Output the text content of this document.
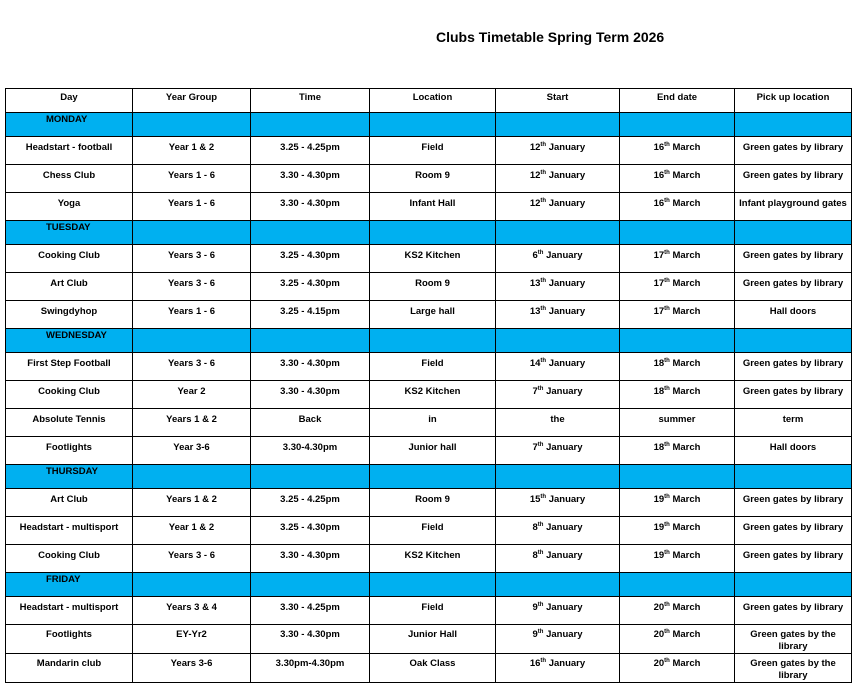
Clubs Timetable Spring Term 2026
Day	Year Group	Time	Location	Start	End date	Pick up location
MONDAY						
Headstart - football	Year 1 & 2	3.25 - 4.25pm	Field	12th January	16th March	Green gates by library
Chess Club	Years 1 - 6	3.30 - 4.30pm	Room 9	12th January	16th March	Green gates by library
Yoga	Years 1 - 6	3.30 - 4.30pm	Infant Hall	12th January	16th March	Infant playground gates
TUESDAY						
Cooking Club	Years 3 - 6	3.25 - 4.30pm	KS2 Kitchen	6th January	17th March	Green gates by library
Art Club	Years 3 - 6	3.25 - 4.30pm	Room 9	13th January	17th March	Green gates by library
Swingdyhop	Years 1 - 6	3.25 - 4.15pm	Large hall	13th January	17th March	Hall doors
WEDNESDAY						
First Step Football	Years 3 - 6	3.30 - 4.30pm	Field	14th January	18th March	Green gates by library
Cooking Club	Year 2	3.30 - 4.30pm	KS2 Kitchen	7th January	18th March	Green gates by library
Absolute Tennis	Years 1 & 2	Back	in	the	summer	term
Footlights	Year 3-6	3.30-4.30pm	Junior hall	7th January	18th March	Hall doors
THURSDAY						
Art Club	Years 1 & 2	3.25 - 4.25pm	Room 9	15th January	19th March	Green gates by library
Headstart - multisport	Year 1 & 2	3.25 - 4.30pm	Field	8th January	19th March	Green gates by library
Cooking Club	Years 3 - 6	3.30 - 4.30pm	KS2 Kitchen	8th January	19th March	Green gates by library
FRIDAY						
Headstart - multisport	Years 3 & 4	3.30 - 4.25pm	Field	9th January	20th March	Green gates by library
Footlights	EY-Yr2	3.30 - 4.30pm	Junior Hall	9th January	20th March	Green gates by the library
Mandarin club	Years 3-6	3.30pm-4.30pm	Oak Class	16th January	20th March	Green gates by the library
